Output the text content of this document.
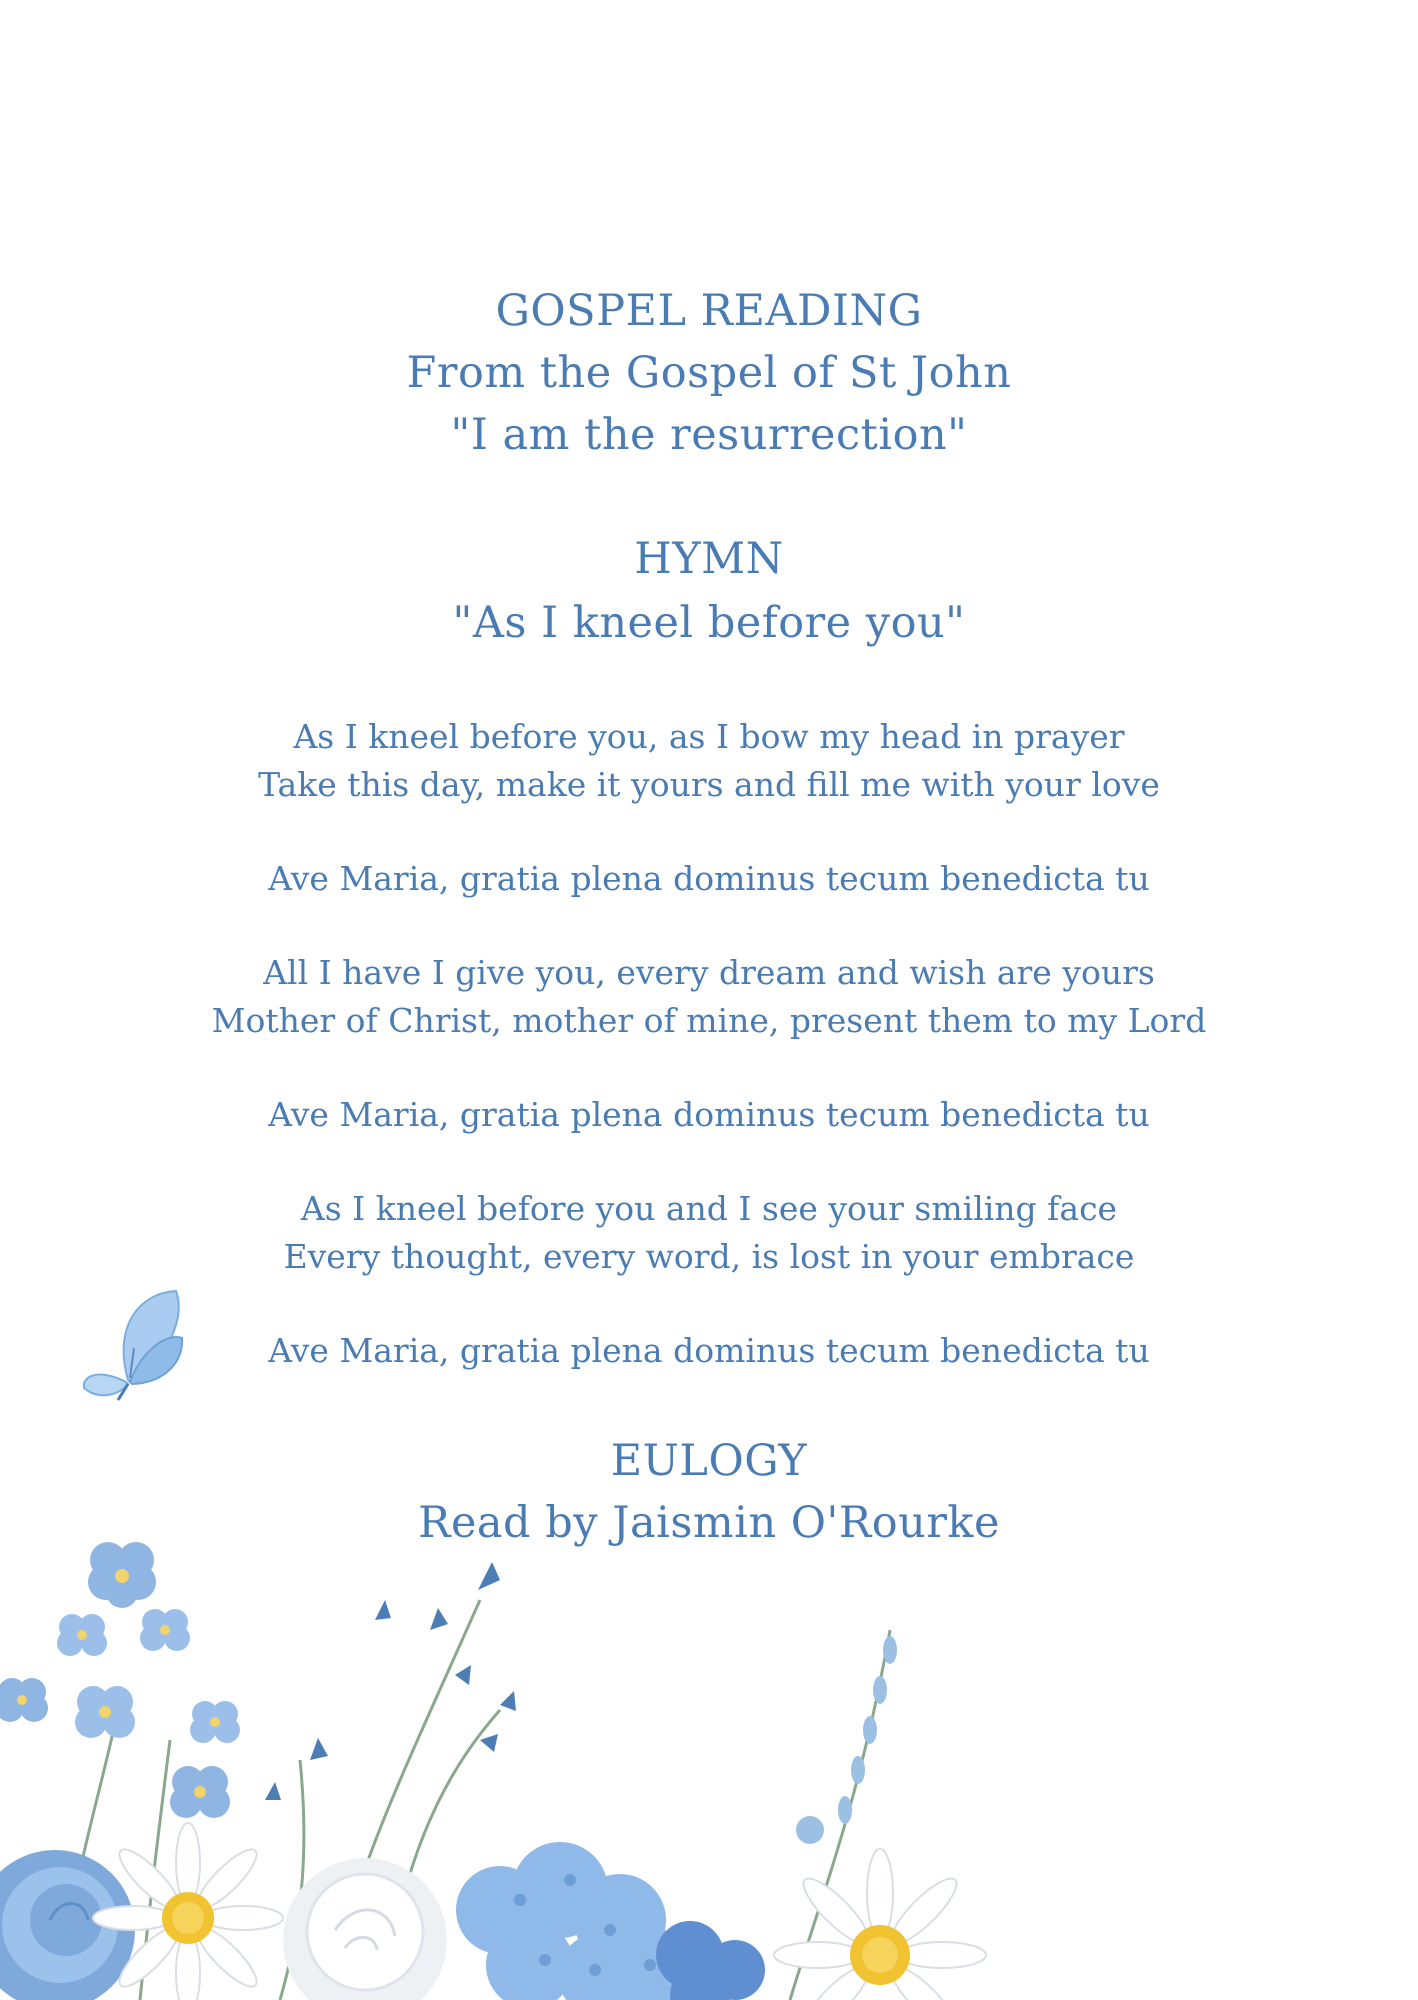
GOSPEL READING
From the Gospel of St John
"I am the resurrection"
HYMN
"As I kneel before you"
As I kneel before you, as I bow my head in prayer
Take this day, make it yours and fill me with your love
Ave Maria, gratia plena dominus tecum benedicta tu
All I have I give you, every dream and wish are yours
Mother of Christ, mother of mine, present them to my Lord
Ave Maria, gratia plena dominus tecum benedicta tu
As I kneel before you and I see your smiling face
Every thought, every word, is lost in your embrace
Ave Maria, gratia plena dominus tecum benedicta tu
EULOGY
Read by Jaismin O'Rourke
